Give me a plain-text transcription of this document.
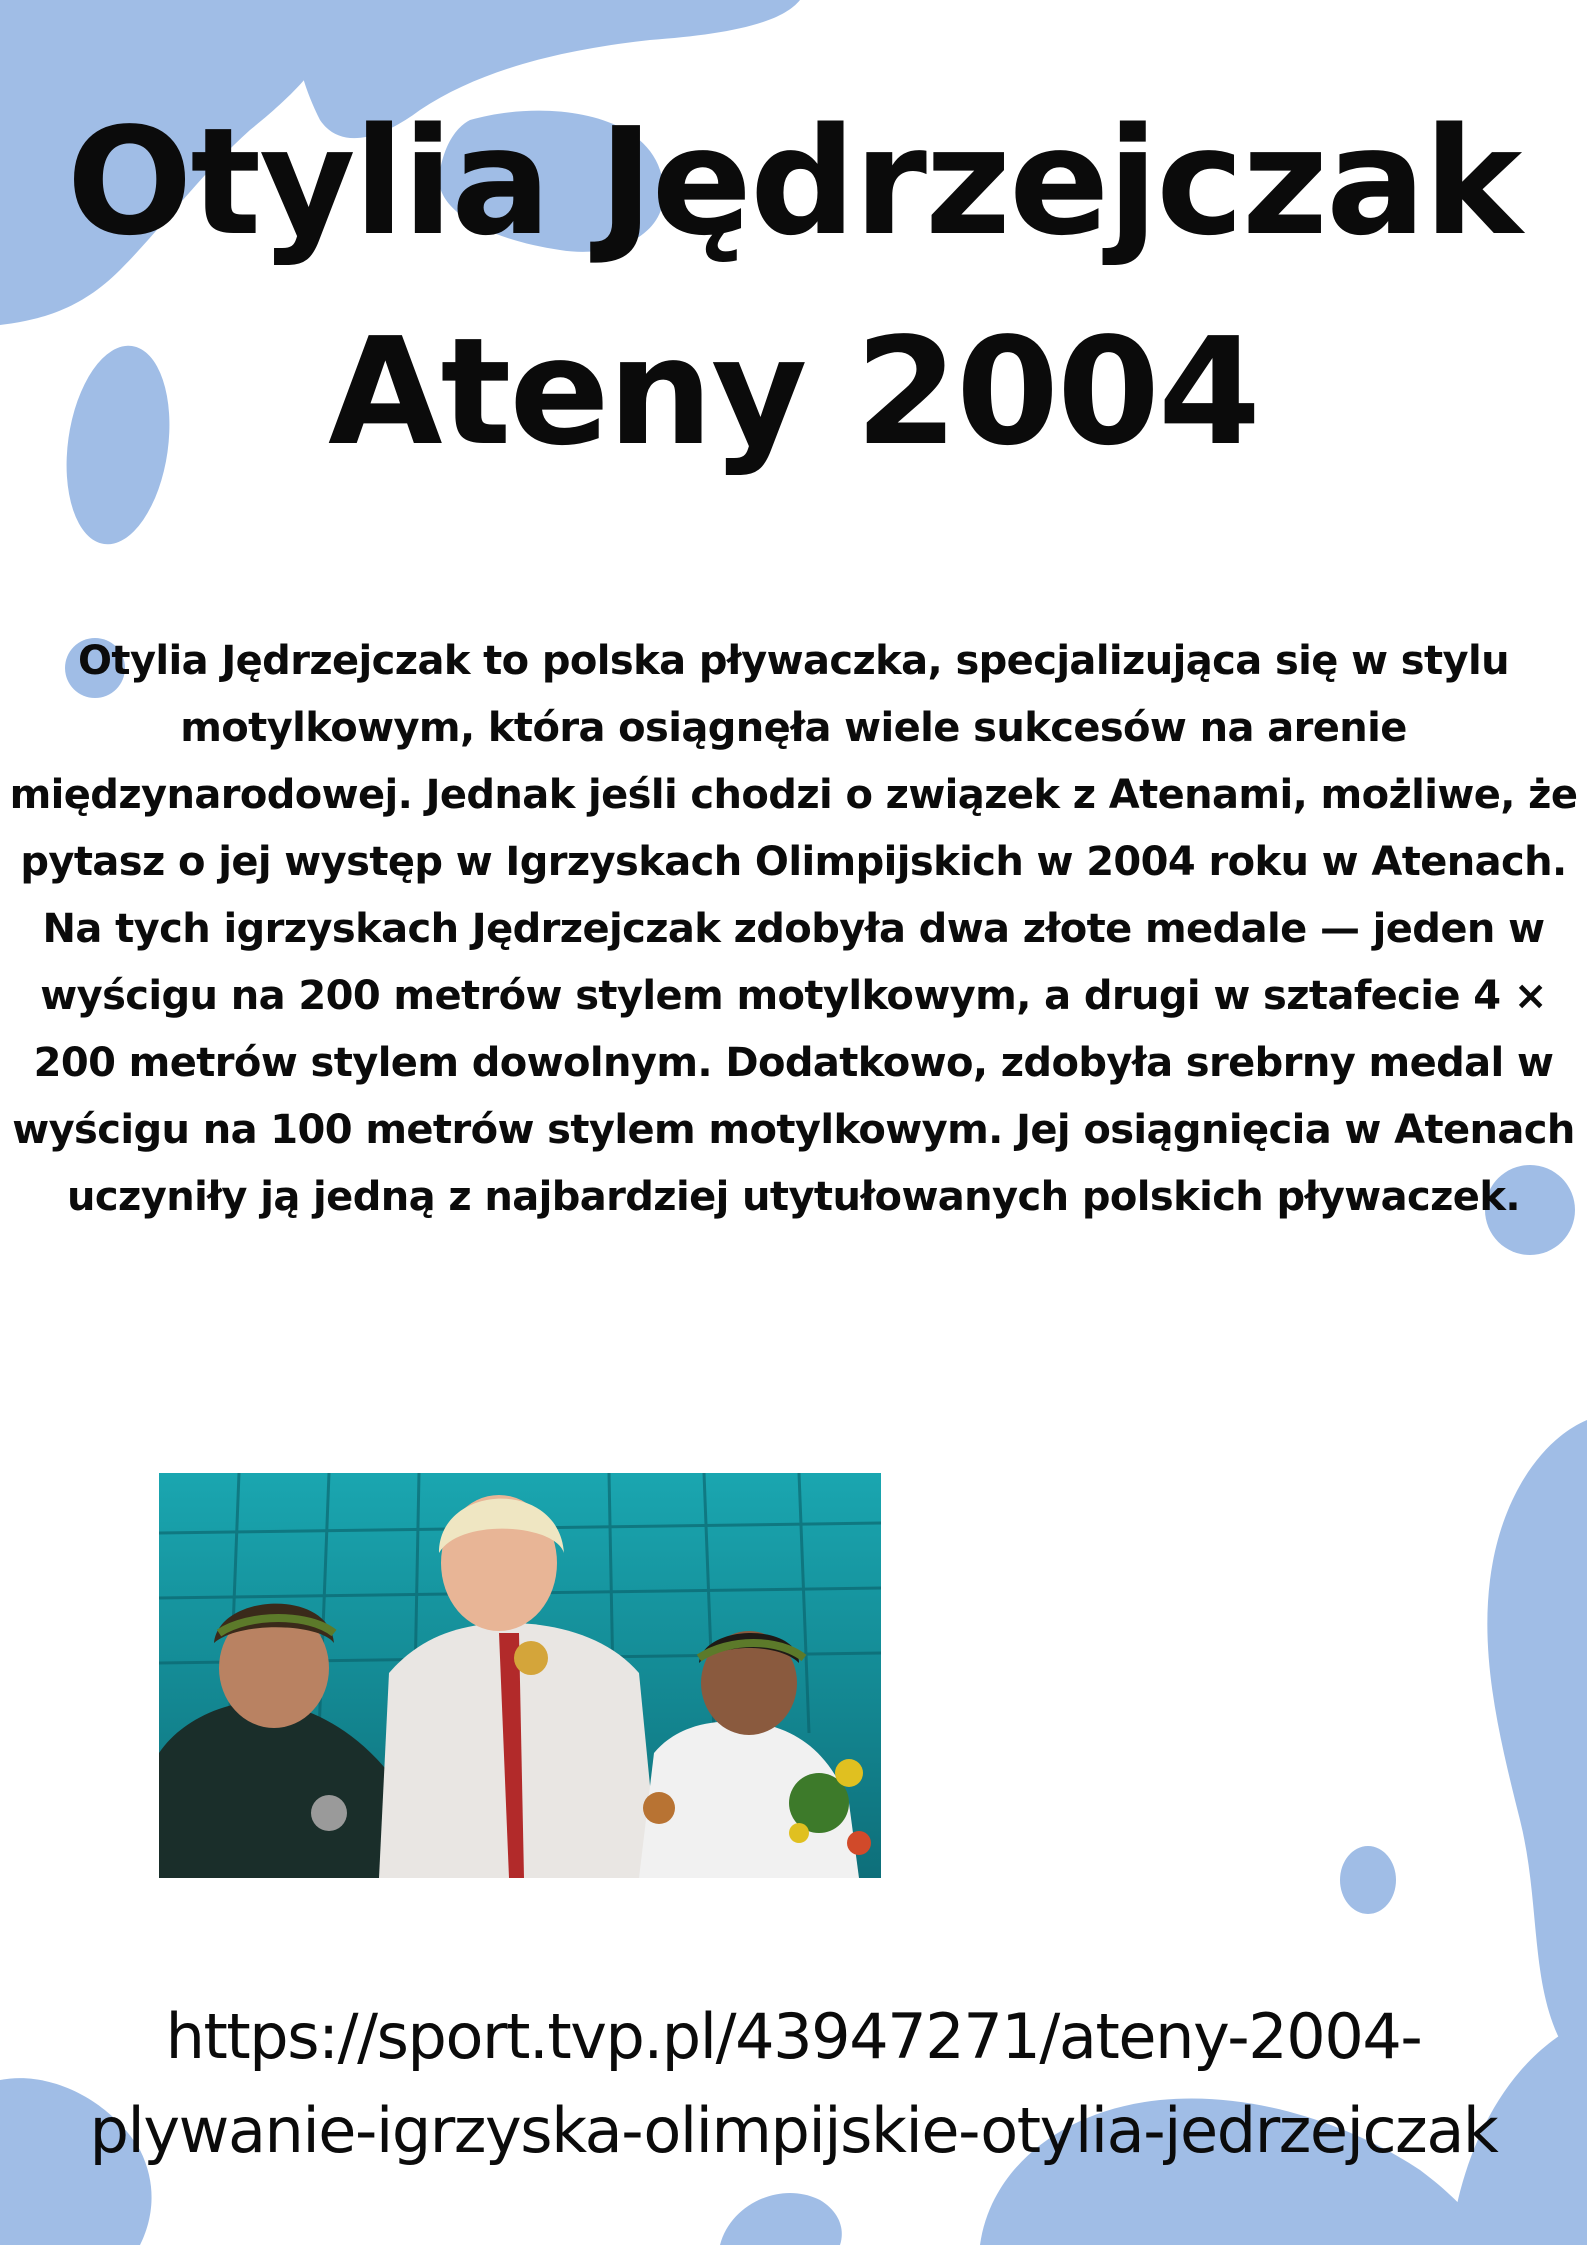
Otylia Jędrzejczak
Ateny 2004

Otylia Jędrzejczak to polska pływaczka, specjalizująca się w stylu motylkowym, która osiągnęła wiele sukcesów na arenie międzynarodowej. Jednak jeśli chodzi o związek z Atenami, możliwe, że pytasz o jej występ w Igrzyskach Olimpijskich w 2004 roku w Atenach.

Na tych igrzyskach Jędrzejczak zdobyła dwa złote medale — jeden w wyścigu na 200 metrów stylem motylkowym, a drugi w sztafecie 4 × 200 metrów stylem dowolnym. Dodatkowo, zdobyła srebrny medal w wyścigu na 100 metrów stylem motylkowym. Jej osiągnięcia w Atenach uczyniły ją jedną z najbardziej utytułowanych polskich pływaczek.

https://sport.tvp.pl/43947271/ateny-2004-
plywanie-igrzyska-olimpijskie-otylia-jedrzejczak
